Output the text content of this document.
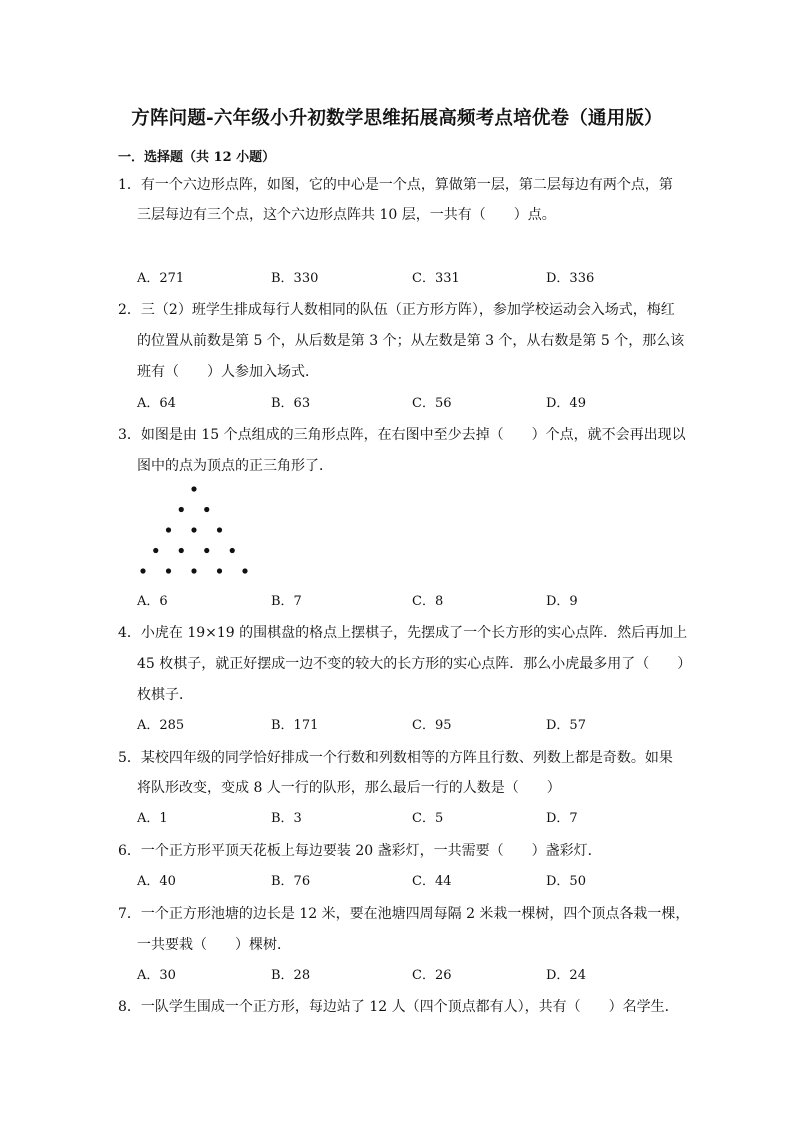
方阵问题-六年级小升初数学思维拓展高频考点培优卷（通用版）
一．选择题（共 12 小题）
1．有一个六边形点阵，如图，它的中心是一个点，算做第一层，第二层每边有两个点，第
三层每边有三个点，这个六边形点阵共 10 层，一共有（　　）点。
A．271	B．330	C．331	D．336
2．三（2）班学生排成每行人数相同的队伍（正方形方阵），参加学校运动会入场式，梅红
的位置从前数是第 5 个，从后数是第 3 个；从左数是第 3 个，从右数是第 5 个，那么该
班有（　　）人参加入场式．
A．64	B．63	C．56	D．49
3．如图是由 15 个点组成的三角形点阵，在右图中至少去掉（　　）个点，就不会再出现以
图中的点为顶点的正三角形了．
A．6	B．7	C．8	D．9
4．小虎在 19×19 的围棋盘的格点上摆棋子，先摆成了一个长方形的实心点阵．然后再加上
45 枚棋子，就正好摆成一边不变的较大的长方形的实心点阵．那么小虎最多用了（　　）
枚棋子．
A．285	B．171	C．95	D．57
5．某校四年级的同学恰好排成一个行数和列数相等的方阵且行数、列数上都是奇数。如果
将队形改变，变成 8 人一行的队形，那么最后一行的人数是（　　）
A．1	B．3	C．5	D．7
6．一个正方形平顶天花板上每边要装 20 盏彩灯，一共需要（　　）盏彩灯．
A．40	B．76	C．44	D．50
7．一个正方形池塘的边长是 12 米，要在池塘四周每隔 2 米栽一棵树，四个顶点各栽一棵，
一共要栽（　　）棵树．
A．30	B．28	C．26	D．24
8．一队学生围成一个正方形，每边站了 12 人（四个顶点都有人），共有（　　）名学生．
